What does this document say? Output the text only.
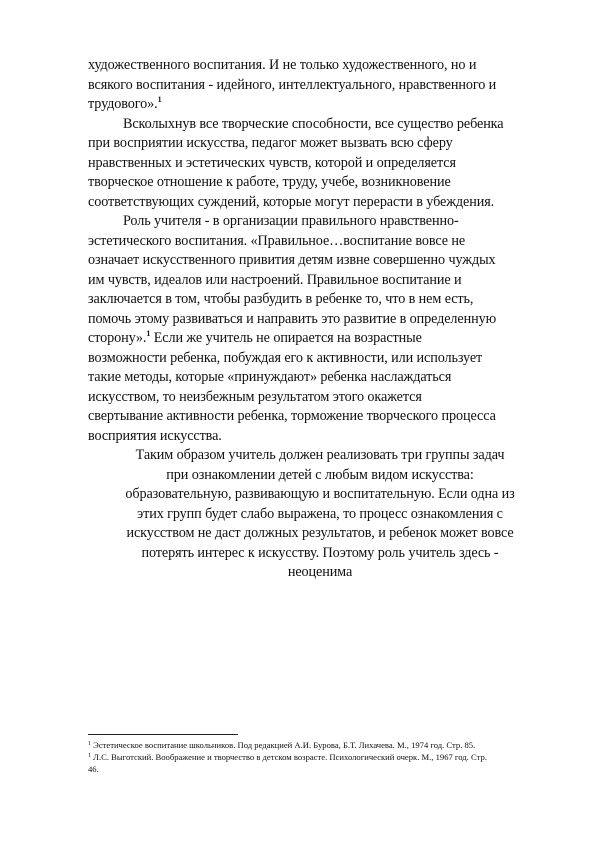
художественного воспитания. И не только художественного, но и
всякого воспитания - идейного, интеллектуального, нравственного и
трудового».$^1$

Всколыхнув все творческие способности, все существо ребенка
при восприятии искусства, педагог может вызвать всю сферу
нравственных и эстетических чувств, которой и определяется
творческое отношение к работе, труду, учебе, возникновение
соответствующих суждений, которые могут перерасти в убеждения.

Роль учителя - в организации правильного нравственно-
эстетического воспитания. «Правильное…воспитание вовсе не
означает искусственного привития детям извне совершенно чуждых
им чувств, идеалов или настроений. Правильное воспитание и
заключается в том, чтобы разбудить в ребенке то, что в нем есть,
помочь этому развиваться и направить это развитие в определенную
сторону».$^1$ Если же учитель не опирается на возрастные
возможности ребенка, побуждая его к активности, или использует
такие методы, которые «принуждают» ребенка наслаждаться
искусством, то неизбежным результатом этого окажется
свертывание активности ребенка, торможение творческого процесса
восприятия искусства.

Таким образом учитель должен реализовать три группы задач
при ознакомлении детей с любым видом искусства:
образовательную, развивающую и воспитательную. Если одна из
этих групп будет слабо выражена, то процесс ознакомления с
искусством не даст должных результатов, и ребенок может вовсе
потерять интерес к искусству. Поэтому роль учитель здесь -
неоценима

$^1$ Эстетическое воспитание школьников. Под редакцией А.И. Бурова, Б.Т. Лихачева. М., 1974 год. Стр. 85.

$^1$ Л.С. Выготский. Воображение и творчество в детском возрасте. Психологический очерк. М., 1967 год. Стр.
46.
